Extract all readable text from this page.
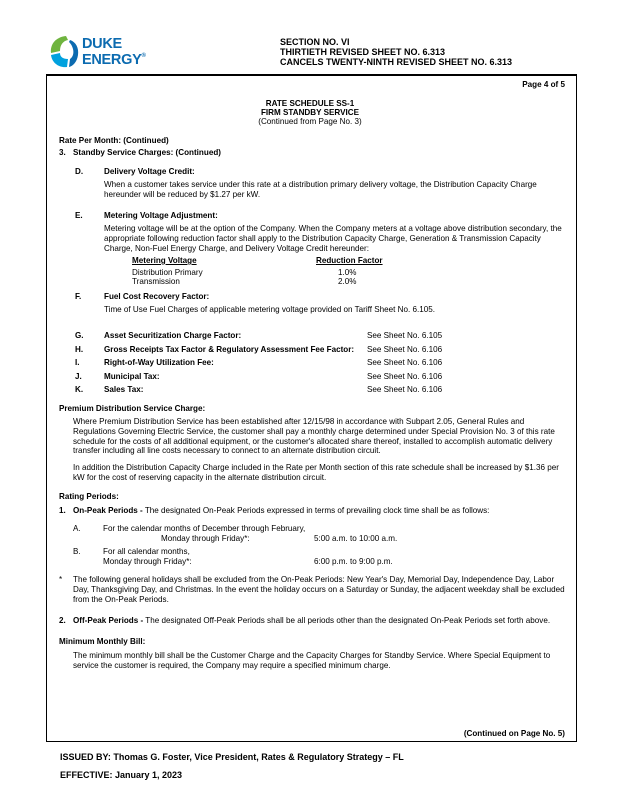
DUKE
ENERGY®
SECTION NO. VI
THIRTIETH REVISED SHEET NO. 6.313
CANCELS TWENTY-NINTH REVISED SHEET NO. 6.313
Page 4 of 5
RATE SCHEDULE SS-1
FIRM STANDBY SERVICE
(Continued from Page No. 3)
Rate Per Month: (Continued)
3. Standby Service Charges: (Continued)
D.	Delivery Voltage Credit:
When a customer takes service under this rate at a distribution primary delivery voltage, the Distribution Capacity Charge hereunder will be reduced by $1.27 per kW.
E.	Metering Voltage Adjustment:
Metering voltage will be at the option of the Company. When the Company meters at a voltage above distribution secondary, the appropriate following reduction factor shall apply to the Distribution Capacity Charge, Generation & Transmission Capacity Charge, Non-Fuel Energy Charge, and Delivery Voltage Credit hereunder:
Metering Voltage	Reduction Factor
Distribution Primary	1.0%
Transmission	2.0%
F.	Fuel Cost Recovery Factor:
Time of Use Fuel Charges of applicable metering voltage provided on Tariff Sheet No. 6.105.
G.	Asset Securitization Charge Factor:	See Sheet No. 6.105
H.	Gross Receipts Tax Factor & Regulatory Assessment Fee Factor: See Sheet No. 6.106
I.	Right-of-Way Utilization Fee:	See Sheet No. 6.106
J.	Municipal Tax:	See Sheet No. 6.106
K.	Sales Tax:	See Sheet No. 6.106
Premium Distribution Service Charge:
Where Premium Distribution Service has been established after 12/15/98 in accordance with Subpart 2.05, General Rules and Regulations Governing Electric Service, the customer shall pay a monthly charge determined under Special Provision No. 3 of this rate schedule for the costs of all additional equipment, or the customer's allocated share thereof, installed to accomplish automatic delivery transfer including all line costs necessary to connect to an alternate distribution circuit.
In addition the Distribution Capacity Charge included in the Rate per Month section of this rate schedule shall be increased by $1.36 per kW for the cost of reserving capacity in the alternate distribution circuit.
Rating Periods:
1. On-Peak Periods - The designated On-Peak Periods expressed in terms of prevailing clock time shall be as follows:
A.	For the calendar months of December through February,
Monday through Friday*:	5:00 a.m. to 10:00 a.m.
B.	For all calendar months,
Monday through Friday*:	6:00 p.m. to 9:00 p.m.
* The following general holidays shall be excluded from the On-Peak Periods: New Year's Day, Memorial Day, Independence Day, Labor Day, Thanksgiving Day, and Christmas. In the event the holiday occurs on a Saturday or Sunday, the adjacent weekday shall be excluded from the On-Peak Periods.
2. Off-Peak Periods - The designated Off-Peak Periods shall be all periods other than the designated On-Peak Periods set forth above.
Minimum Monthly Bill:
The minimum monthly bill shall be the Customer Charge and the Capacity Charges for Standby Service. Where Special Equipment to service the customer is required, the Company may require a specified minimum charge.
(Continued on Page No. 5)
ISSUED BY: Thomas G. Foster, Vice President, Rates & Regulatory Strategy – FL
EFFECTIVE: January 1, 2023
